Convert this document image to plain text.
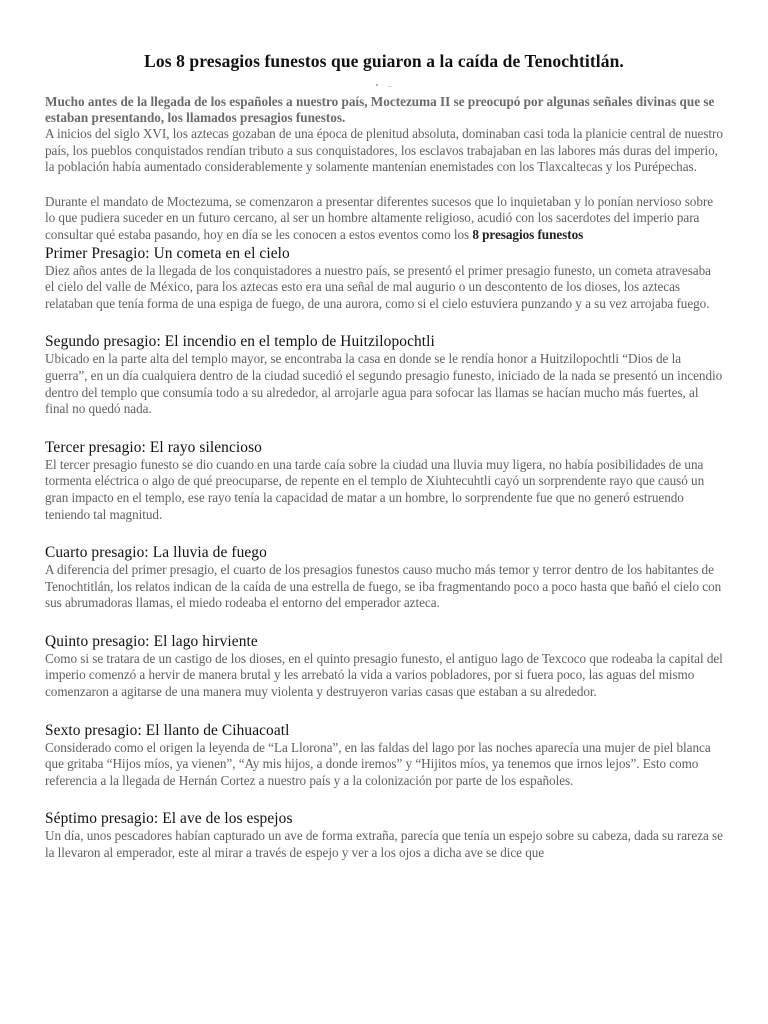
Los 8 presagios funestos que guiaron a la caída de Tenochtitlán.
• –

Mucho antes de la llegada de los españoles a nuestro país, Moctezuma II se preocupó por algunas señales divinas que se estaban presentando, los llamados presagios funestos.

A inicios del siglo XVI, los aztecas gozaban de una época de plenitud absoluta, dominaban casi toda la planicie central de nuestro país, los pueblos conquistados rendían tributo a sus conquistadores, los esclavos trabajaban en las labores más duras del imperio, la población había aumentado considerablemente y solamente mantenían enemistades con los Tlaxcaltecas y los Purépechas.

Durante el mandato de Moctezuma, se comenzaron a presentar diferentes sucesos que lo inquietaban y lo ponían nervioso sobre lo que pudiera suceder en un futuro cercano, al ser un hombre altamente religioso, acudió con los sacerdotes del imperio para consultar qué estaba pasando, hoy en día se les conocen a estos eventos como los 8 presagios funestos

Primer Presagio: Un cometa en el cielo

Diez años antes de la llegada de los conquistadores a nuestro país, se presentó el primer presagio funesto, un cometa atravesaba el cielo del valle de México, para los aztecas esto era una señal de mal augurio o un descontento de los dioses, los aztecas relataban que tenía forma de una espiga de fuego, de una aurora, como si el cielo estuviera punzando y a su vez arrojaba fuego.

Segundo presagio: El incendio en el templo de Huitzilopochtli

Ubicado en la parte alta del templo mayor, se encontraba la casa en donde se le rendía honor a Huitzilopochtli “Dios de la guerra”, en un día cualquiera dentro de la ciudad sucedió el segundo presagio funesto, iniciado de la nada se presentó un incendio dentro del templo que consumía todo a su alrededor, al arrojarle agua para sofocar las llamas se hacían mucho más fuertes, al final no quedó nada.

Tercer presagio: El rayo silencioso

El tercer presagio funesto se dio cuando en una tarde caía sobre la ciudad una lluvia muy ligera, no había posibilidades de una tormenta eléctrica o algo de qué preocuparse, de repente en el templo de Xiuhtecuhtli cayó un sorprendente rayo que causó un gran impacto en el templo, ese rayo tenía la capacidad de matar a un hombre, lo sorprendente fue que no generó estruendo teniendo tal magnitud.

Cuarto presagio: La lluvia de fuego

A diferencia del primer presagio, el cuarto de los presagios funestos causo mucho más temor y terror dentro de los habitantes de Tenochtitlán, los relatos indican de la caída de una estrella de fuego, se iba fragmentando poco a poco hasta que bañó el cielo con sus abrumadoras llamas, el miedo rodeaba el entorno del emperador azteca.

Quinto presagio: El lago hirviente

Como si se tratara de un castigo de los dioses, en el quinto presagio funesto, el antiguo lago de Texcoco que rodeaba la capital del imperio comenzó a hervir de manera brutal y les arrebató la vida a varios pobladores, por si fuera poco, las aguas del mismo comenzaron a agitarse de una manera muy violenta y destruyeron varias casas que estaban a su alrededor.

Sexto presagio: El llanto de Cihuacoatl

Considerado como el origen la leyenda de “La Llorona”, en las faldas del lago por las noches aparecía una mujer de piel blanca que gritaba “Hijos míos, ya vienen”, “Ay mis hijos, a donde iremos” y “Hijitos míos, ya tenemos que irnos lejos”. Esto como referencia a la llegada de Hernán Cortez a nuestro país y a la colonización por parte de los españoles.

Séptimo presagio: El ave de los espejos

Un día, unos pescadores habían capturado un ave de forma extraña, parecía que tenía un espejo sobre su cabeza, dada su rareza se la llevaron al emperador, este al mirar a través de espejo y ver a los ojos a dicha ave se dice que
